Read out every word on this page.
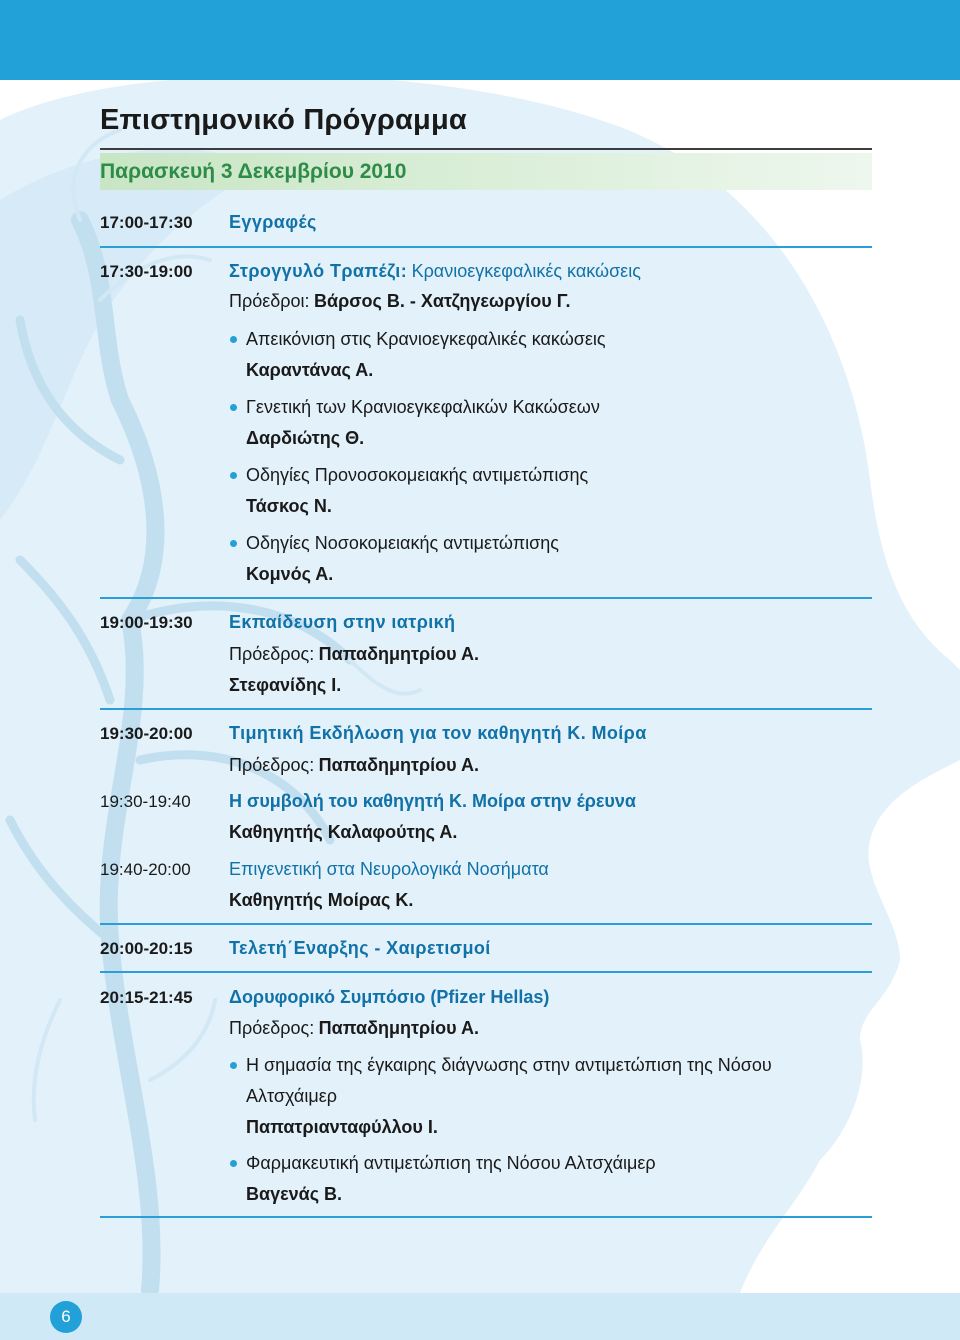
Επιστημονικό Πρόγραμμα
Παρασκευή 3 Δεκεμβρίου 2010
17:00-17:30 Εγγραφές
17:30-19:00 Στρογγυλό Τραπέζι: Κρανιοεγκεφαλικές κακώσεις
Πρόεδροι: Βάρσος Β. - Χατζηγεωργίου Γ.
Απεικόνιση στις Κρανιοεγκεφαλικές κακώσεις
Καραντάνας Α.
Γενετική των Κρανιοεγκεφαλικών Κακώσεων
Δαρδιώτης Θ.
Οδηγίες Προνοσοκομειακής αντιμετώπισης
Τάσκος Ν.
Οδηγίες Νοσοκομειακής αντιμετώπισης
Κομνός Α.
19:00-19:30 Εκπαίδευση στην ιατρική
Πρόεδρος: Παπαδημητρίου Α.
Στεφανίδης Ι.
19:30-20:00 Τιμητική Εκδήλωση για τον καθηγητή Κ. Μοίρα
Πρόεδρος: Παπαδημητρίου Α.
19:30-19:40 Η συμβολή του καθηγητή Κ. Μοίρα στην έρευνα
Καθηγητής Καλαφούτης Α.
19:40-20:00 Επιγενετική στα Νευρολογικά Νοσήματα
Καθηγητής Μοίρας Κ.
20:00-20:15 Τελετή΄Εναρξης - Χαιρετισμοί
20:15-21:45 Δορυφορικό Συμπόσιο (Pfizer Hellas)
Πρόεδρος: Παπαδημητρίου Α.
Η σημασία της έγκαιρης διάγνωσης στην αντιμετώπιση της Νόσου
Αλτσχάιμερ
Παπατριανταφύλλου Ι.
Φαρμακευτική αντιμετώπιση της Νόσου Αλτσχάιμερ
Βαγενάς Β.
6
